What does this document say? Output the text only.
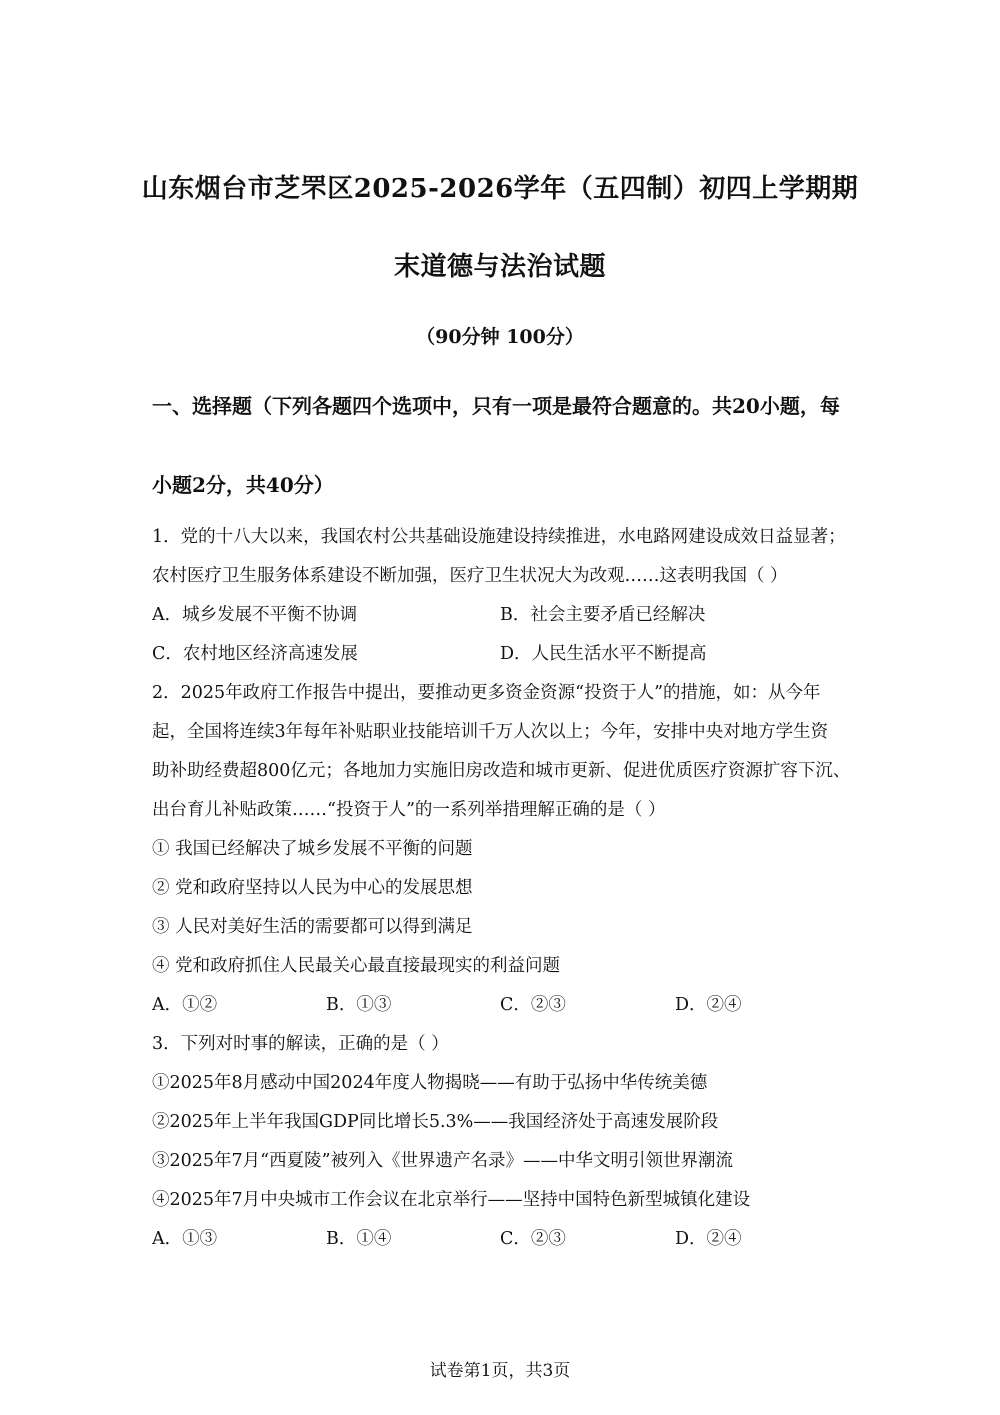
山东烟台市芝罘区2025-2026学年（五四制）初四上学期期
末道德与法治试题
（90分钟 100分）
一、选择题（下列各题四个选项中，只有一项是最符合题意的。共20小题，每
小题2分，共40分）
1．党的十八大以来，我国农村公共基础设施建设持续推进，水电路网建设成效日益显著；
农村医疗卫生服务体系建设不断加强，医疗卫生状况大为改观……这表明我国（ ）
A．城乡发展不平衡不协调	B．社会主要矛盾已经解决
C．农村地区经济高速发展	D．人民生活水平不断提高
2．2025年政府工作报告中提出，要推动更多资金资源“投资于人”的措施，如：从今年
起，全国将连续3年每年补贴职业技能培训千万人次以上；今年，安排中央对地方学生资
助补助经费超800亿元；各地加力实施旧房改造和城市更新、促进优质医疗资源扩容下沉、
出台育儿补贴政策……“投资于人”的一系列举措理解正确的是（ ）
① 我国已经解决了城乡发展不平衡的问题
② 党和政府坚持以人民为中心的发展思想
③ 人民对美好生活的需要都可以得到满足
④ 党和政府抓住人民最关心最直接最现实的利益问题
A．①②	B．①③	C．②③	D．②④
3．下列对时事的解读，正确的是（ ）
①2025年8月感动中国2024年度人物揭晓——有助于弘扬中华传统美德
②2025年上半年我国GDP同比增长5.3%——我国经济处于高速发展阶段
③2025年7月“西夏陵”被列入《世界遗产名录》——中华文明引领世界潮流
④2025年7月中央城市工作会议在北京举行——坚持中国特色新型城镇化建设
A．①③	B．①④	C．②③	D．②④
试卷第1页，共3页
